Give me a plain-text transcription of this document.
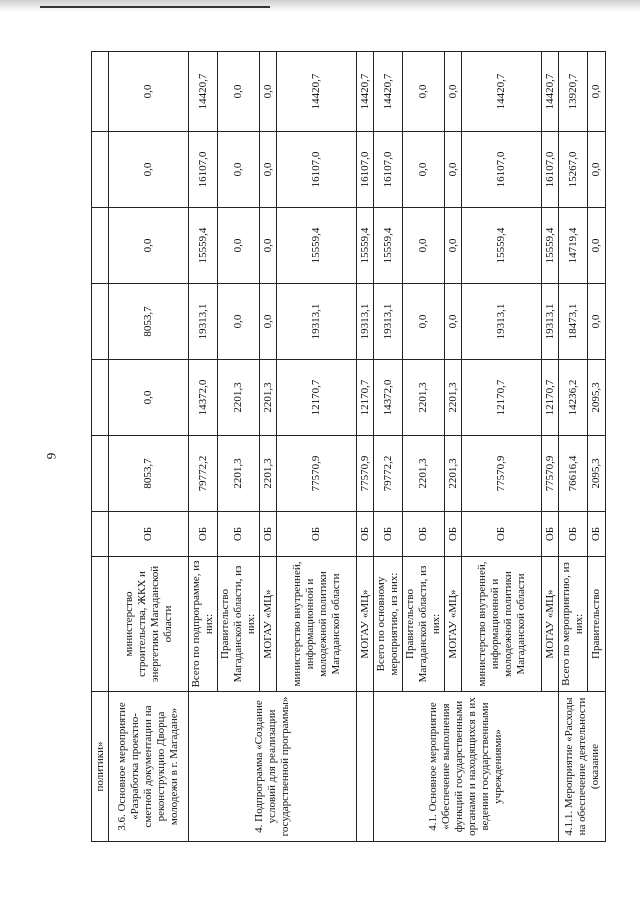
9
политики»								
3.6. Основное мероприятие «Разработка проектно-сметной документации на реконструкцию Дворца молодежи в г. Магадане»	министерство строительства, ЖКХ и энергетики Магаданской области	ОБ	8053,7	0,0	8053,7	0,0	0,0	0,0
4. Подпрограмма «Создание условий для реализации государственной программы»	Всего по подпрограмме, из них:	ОБ	79772,2	14372,0	19313,1	15559,4	16107,0	14420,7
	Правительство Магаданской области, из них:	ОБ	2201,3	2201,3	0,0	0,0	0,0	0,0
	МОГАУ «МЦ»	ОБ	2201,3	2201,3	0,0	0,0	0,0	0,0
	министерство внутренней, информационной и молодежной политики Магаданской области	ОБ	77570,9	12170,7	19313,1	15559,4	16107,0	14420,7
	МОГАУ «МЦ»	ОБ	77570,9	12170,7	19313,1	15559,4	16107,0	14420,7
4.1. Основное мероприятие «Обеспечение выполнения функций государственными органами и находящихся в их ведении государственными учреждениями»	Всего по основному мероприятию, из них:	ОБ	79772,2	14372,0	19313,1	15559,4	16107,0	14420,7
	Правительство Магаданской области, из них:	ОБ	2201,3	2201,3	0,0	0,0	0,0	0,0
	МОГАУ «МЦ»	ОБ	2201,3	2201,3	0,0	0,0	0,0	0,0
	министерство внутренней, информационной и молодежной политики Магаданской области	ОБ	77570,9	12170,7	19313,1	15559,4	16107,0	14420,7
	МОГАУ «МЦ»	ОБ	77570,9	12170,7	19313,1	15559,4	16107,0	14420,7
4.1.1. Мероприятие «Расходы на обеспечение деятельности (оказание	Всего по мероприятию, из них:	ОБ	76616,4	14236,2	18473,1	14719,4	15267,0	13920,7
	Правительство	ОБ	2095,3	2095,3	0,0	0,0	0,0	0,0
